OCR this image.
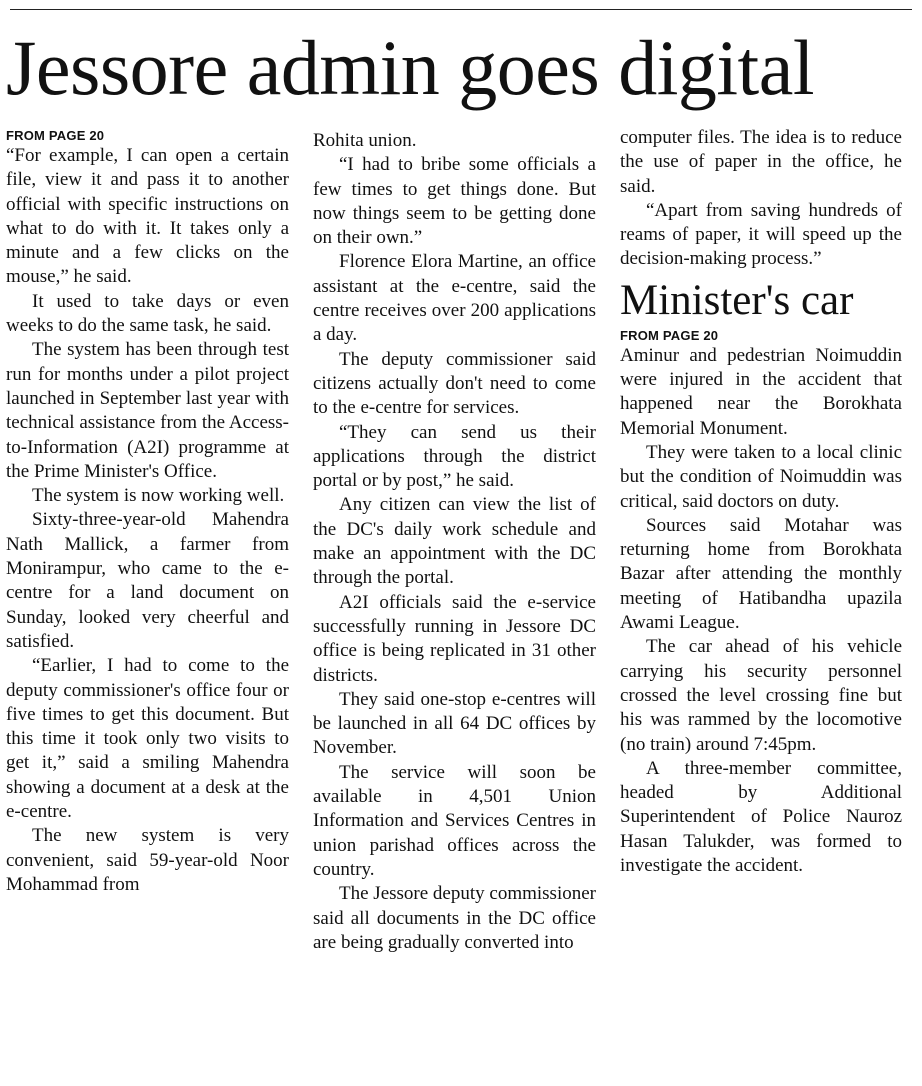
Jessore admin goes digital
FROM PAGE 20

“For example, I can open a certain file, view it and pass it to another official with specific instructions on what to do with it. It takes only a minute and a few clicks on the mouse,” he said.

It used to take days or even weeks to do the same task, he said.

The system has been through test run for months under a pilot project launched in September last year with technical assistance from the Access-to-Information (A2I) programme at the Prime Minister's Office.

The system is now working well.

Sixty-three-year-old Mahendra Nath Mallick, a farmer from Monirampur, who came to the e-centre for a land document on Sunday, looked very cheerful and satisfied.

“Earlier, I had to come to the deputy commissioner's office four or five times to get this document. But this time it took only two visits to get it,” said a smiling Mahendra showing a document at a desk at the e-centre.

The new system is very convenient, said 59-year-old Noor Mohammad from

Rohita union.

“I had to bribe some officials a few times to get things done. But now things seem to be getting done on their own.”

Florence Elora Martine, an office assistant at the e-centre, said the centre receives over 200 applications a day.

The deputy commissioner said citizens actually don't need to come to the e-centre for services.

“They can send us their applications through the district portal or by post,” he said.

Any citizen can view the list of the DC's daily work schedule and make an appointment with the DC through the portal.

A2I officials said the e-service successfully running in Jessore DC office is being replicated in 31 other districts.

They said one-stop e-centres will be launched in all 64 DC offices by November.

The service will soon be available in 4,501 Union Information and Services Centres in union parishad offices across the country.

The Jessore deputy commissioner said all documents in the DC office are being gradually converted into

computer files. The idea is to reduce the use of paper in the office, he said.

“Apart from saving hundreds of reams of paper, it will speed up the decision-making process.”

Minister's car
FROM PAGE 20

Aminur and pedestrian Noimuddin were injured in the accident that happened near the Borokhata Memorial Monument.

They were taken to a local clinic but the condition of Noimuddin was critical, said doctors on duty.

Sources said Motahar was returning home from Borokhata Bazar after attending the monthly meeting of Hatibandha upazila Awami League.

The car ahead of his vehicle carrying his security personnel crossed the level crossing fine but his was rammed by the locomotive (no train) around 7:45pm.

A three-member committee, headed by Additional Superintendent of Police Nauroz Hasan Talukder, was formed to investigate the accident.
